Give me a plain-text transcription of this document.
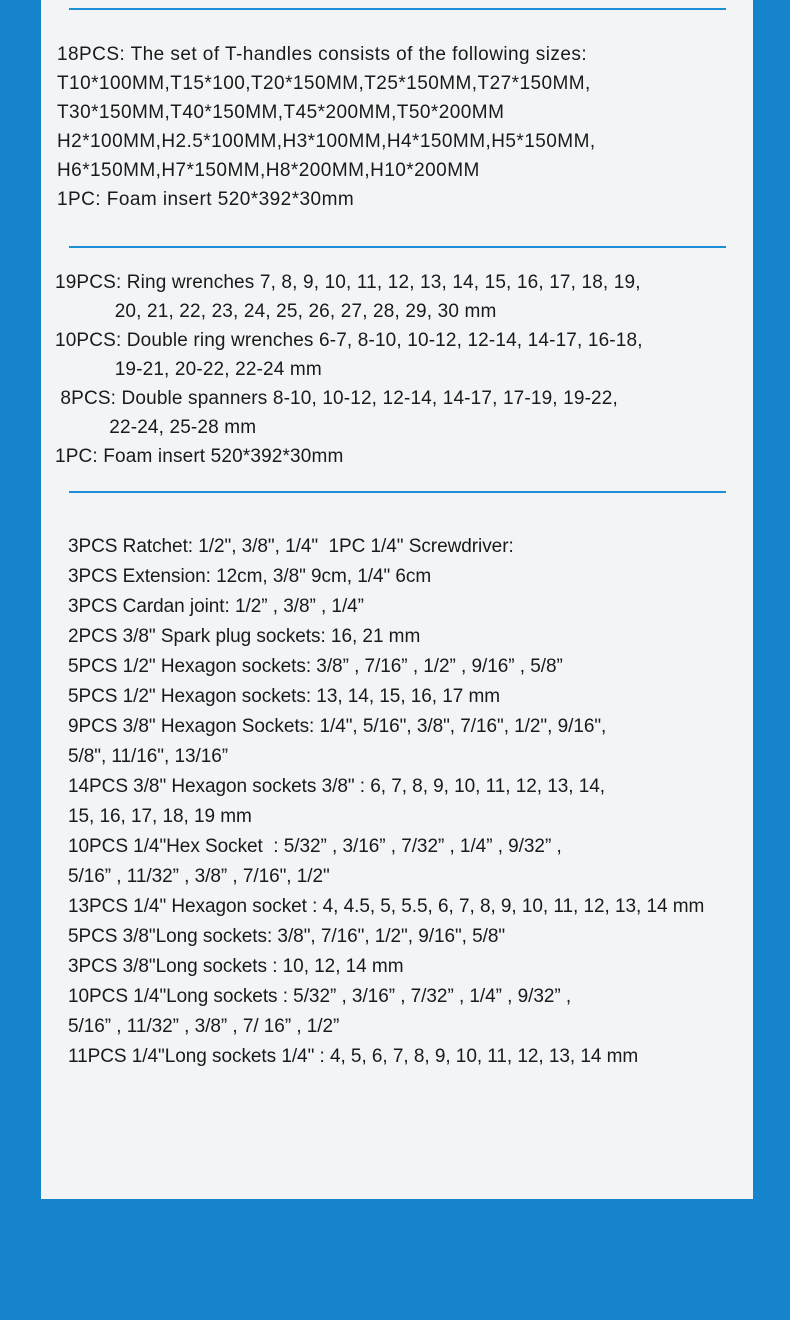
18PCS: The set of T-handles consists of the following sizes:
T10*100MM,T15*100,T20*150MM,T25*150MM,T27*150MM,
T30*150MM,T40*150MM,T45*200MM,T50*200MM
H2*100MM,H2.5*100MM,H3*100MM,H4*150MM,H5*150MM,
H6*150MM,H7*150MM,H8*200MM,H10*200MM
1PC: Foam insert 520*392*30mm
19PCS: Ring wrenches 7, 8, 9, 10, 11, 12, 13, 14, 15, 16, 17, 18, 19,
20, 21, 22, 23, 24, 25, 26, 27, 28, 29, 30 mm
10PCS: Double ring wrenches 6-7, 8-10, 10-12, 12-14, 14-17, 16-18,
19-21, 20-22, 22-24 mm
8PCS: Double spanners 8-10, 10-12, 12-14, 14-17, 17-19, 19-22,
22-24, 25-28 mm
1PC: Foam insert 520*392*30mm
3PCS Ratchet: 1/2", 3/8", 1/4"  1PC 1/4" Screwdriver:
3PCS Extension: 12cm, 3/8" 9cm, 1/4" 6cm
3PCS Cardan joint: 1/2” , 3/8” , 1/4”
2PCS 3/8" Spark plug sockets: 16, 21 mm
5PCS 1/2" Hexagon sockets: 3/8” , 7/16” , 1/2” , 9/16” , 5/8”
5PCS 1/2" Hexagon sockets: 13, 14, 15, 16, 17 mm
9PCS 3/8" Hexagon Sockets: 1/4", 5/16", 3/8", 7/16", 1/2", 9/16",
5/8", 11/16", 13/16”
14PCS 3/8" Hexagon sockets 3/8" : 6, 7, 8, 9, 10, 11, 12, 13, 14,
15, 16, 17, 18, 19 mm
10PCS 1/4"Hex Socket  : 5/32” , 3/16” , 7/32” , 1/4” , 9/32” ,
5/16” , 11/32” , 3/8” , 7/16", 1/2"
13PCS 1/4" Hexagon socket : 4, 4.5, 5, 5.5, 6, 7, 8, 9, 10, 11, 12, 13, 14 mm
5PCS 3/8"Long sockets: 3/8", 7/16", 1/2", 9/16", 5/8"
3PCS 3/8"Long sockets : 10, 12, 14 mm
10PCS 1/4"Long sockets : 5/32” , 3/16” , 7/32” , 1/4” , 9/32” ,
5/16” , 11/32” , 3/8” , 7/ 16” , 1/2”
11PCS 1/4"Long sockets 1/4" : 4, 5, 6, 7, 8, 9, 10, 11, 12, 13, 14 mm
